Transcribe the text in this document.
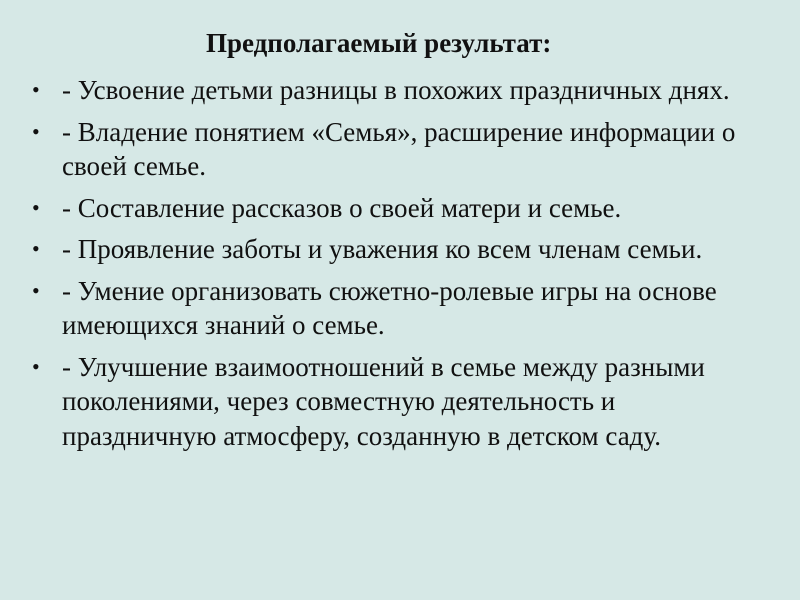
Предполагаемый результат:
• - Усвоение детьми разницы в похожих праздничных днях.
• - Владение понятием «Семья», расширение информации о своей семье.
• - Составление рассказов о своей матери и семье.
• - Проявление заботы и уважения ко всем членам семьи.
• - Умение организовать сюжетно-ролевые игры на основе имеющихся знаний о семье.
• - Улучшение взаимоотношений в семье между разными поколениями, через совместную деятельность и праздничную атмосферу, созданную в детском саду.
